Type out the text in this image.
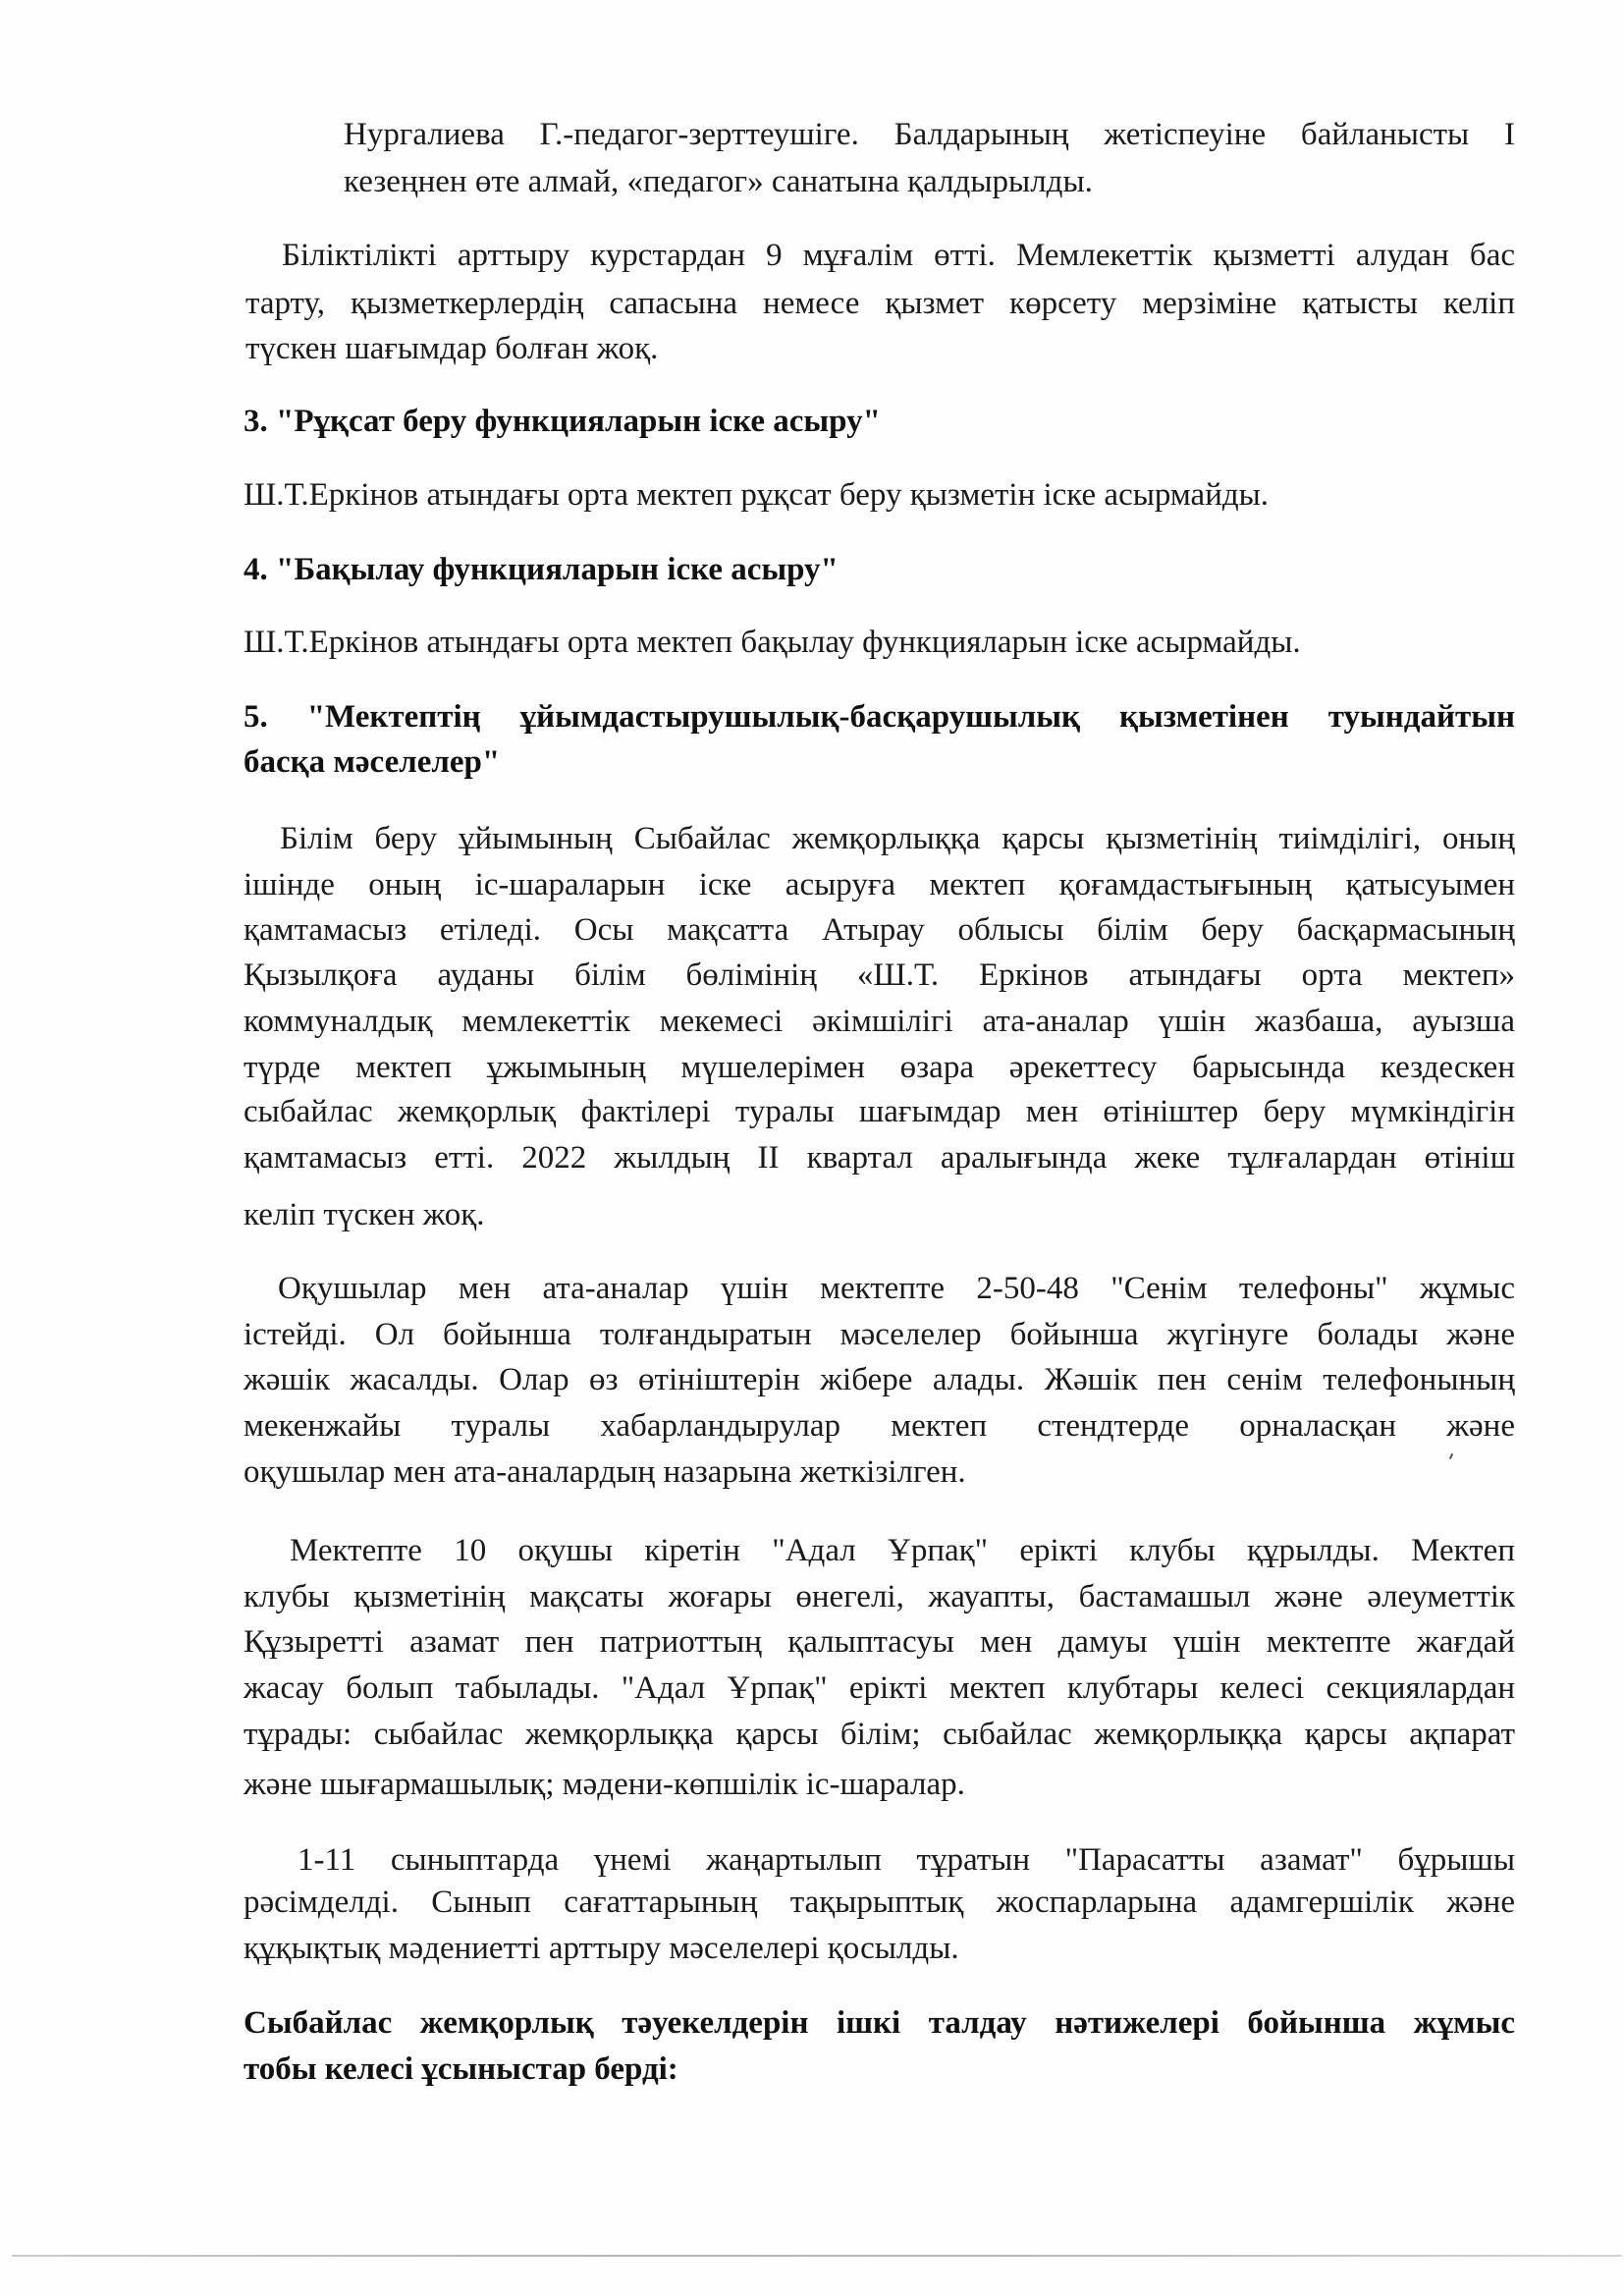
Нургалиева Г.-педагог-зерттеушіге. Балдарының жетіспеуіне байланысты I
кезеңнен өте алмай, «педагог» санатына қалдырылды.
Біліктілікті арттыру курстардан 9 мұғалім өтті. Мемлекеттік қызметті алудан бас
тарту, қызметкерлердің сапасына немесе қызмет көрсету мерзіміне қатысты келіп
түскен шағымдар болған жоқ.
3. "Рұқсат беру функцияларын іске асыру"
Ш.Т.Еркінов атындағы орта мектеп рұқсат беру қызметін іске асырмайды.
4. "Бақылау функцияларын іске асыру"
Ш.Т.Еркінов атындағы орта мектеп бақылау функцияларын іске асырмайды.
5. "Мектептің ұйымдастырушылық-басқарушылық қызметінен туындайтын
басқа мәселелер"
Білім беру ұйымының Сыбайлас жемқорлыққа қарсы қызметінің тиімділігі, оның
ішінде оның іс-шараларын іске асыруға мектеп қоғамдастығының қатысуымен
қамтамасыз етіледі. Осы мақсатта Атырау облысы білім беру басқармасының
Қызылқоға ауданы білім бөлімінің «Ш.Т. Еркінов атындағы орта мектеп»
коммуналдық мемлекеттік мекемесі әкімшілігі ата-аналар үшін жазбаша, ауызша
түрде мектеп ұжымының мүшелерімен өзара әрекеттесу барысында кездескен
сыбайлас жемқорлық фактілері туралы шағымдар мен өтініштер беру мүмкіндігін
қамтамасыз етті. 2022 жылдың II квартал аралығында жеке тұлғалардан өтініш
келіп түскен жоқ.
Оқушылар мен ата-аналар үшін мектепте 2-50-48 "Сенім телефоны" жұмыс
істейді. Ол бойынша толғандыратын мәселелер бойынша жүгінуге болады және
жәшік жасалды. Олар өз өтініштерін жібере алады. Жәшік пен сенім телефонының
мекенжайы туралы хабарландырулар мектеп стендтерде орналасқан және
оқушылар мен ата-аналардың назарына жеткізілген.
Мектепте 10 оқушы кіретін "Адал Ұрпақ" ерікті клубы құрылды. Мектеп
клубы қызметінің мақсаты жоғары өнегелі, жауапты, бастамашыл және әлеуметтік
Құзыретті азамат пен патриоттың қалыптасуы мен дамуы үшін мектепте жағдай
жасау болып табылады. "Адал Ұрпақ" ерікті мектеп клубтары келесі секциялардан
тұрады: сыбайлас жемқорлыққа қарсы білім; сыбайлас жемқорлыққа қарсы ақпарат
және шығармашылық; мәдени-көпшілік іс-шаралар.
1-11 сыныптарда үнемі жаңартылып тұратын "Парасатты азамат" бұрышы
рәсімделді. Сынып сағаттарының тақырыптық жоспарларына адамгершілік және
құқықтық мәдениетті арттыру мәселелері қосылды.
Сыбайлас жемқорлық тәуекелдерін ішкі талдау нәтижелері бойынша жұмыс
тобы келесі ұсыныстар берді:
